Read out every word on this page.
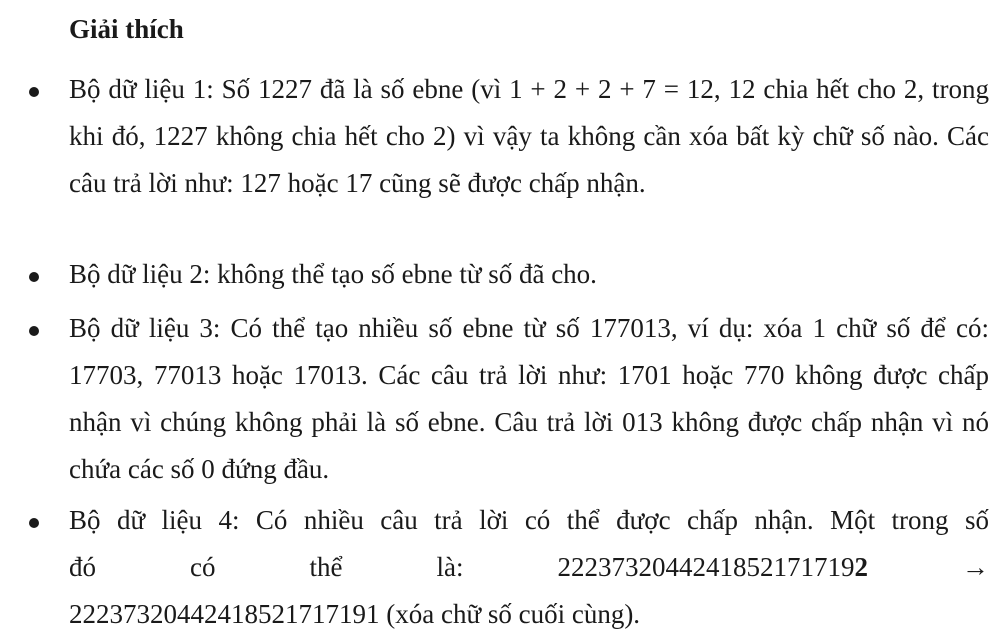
Giải thích
Bộ dữ liệu 1: Số 1227 đã là số ebne (vì 1 + 2 + 2 + 7 = 12, 12 chia hết cho 2, trong khi đó, 1227 không chia hết cho 2) vì vậy ta không cần xóa bất kỳ chữ số nào. Các câu trả lời như: 127 hoặc 17 cũng sẽ được chấp nhận.
Bộ dữ liệu 2: không thể tạo số ebne từ số đã cho.
Bộ dữ liệu 3: Có thể tạo nhiều số ebne từ số 177013, ví dụ: xóa 1 chữ số để có: 17703, 77013 hoặc 17013. Các câu trả lời như: 1701 hoặc 770 không được chấp nhận vì chúng không phải là số ebne. Câu trả lời 013 không được chấp nhận vì nó chứa các số 0 đứng đầu.
Bộ dữ liệu 4: Có nhiều câu trả lời có thể được chấp nhận. Một trong số
đó	có	thể	là:	22237320442418521717192	→
22237320442418521717191 (xóa chữ số cuối cùng).
